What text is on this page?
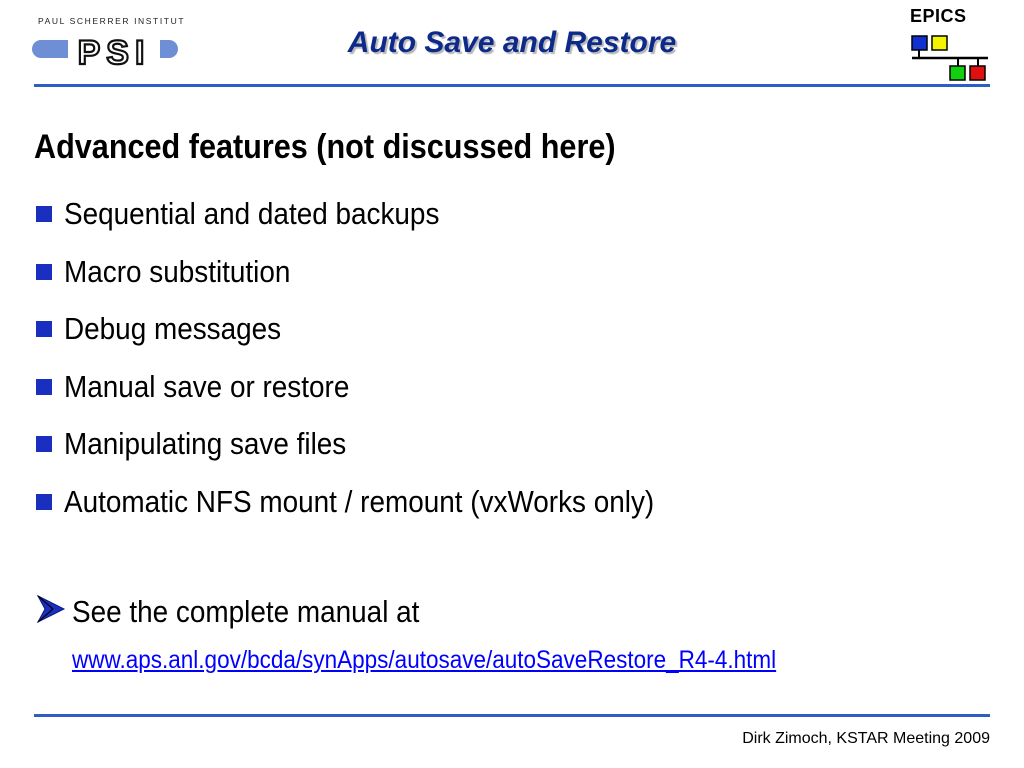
PAUL SCHERRER INSTITUT
PSI	Auto Save and Restore
EPICS
Advanced features (not discussed here)
Sequential and dated backups
Macro substitution
Debug messages
Manual save or restore
Manipulating save files
Automatic NFS mount / remount (vxWorks only)
See the complete manual at
www.aps.anl.gov/bcda/synApps/autosave/autoSaveRestore_R4-4.html
Dirk Zimoch, KSTAR Meeting 2009
